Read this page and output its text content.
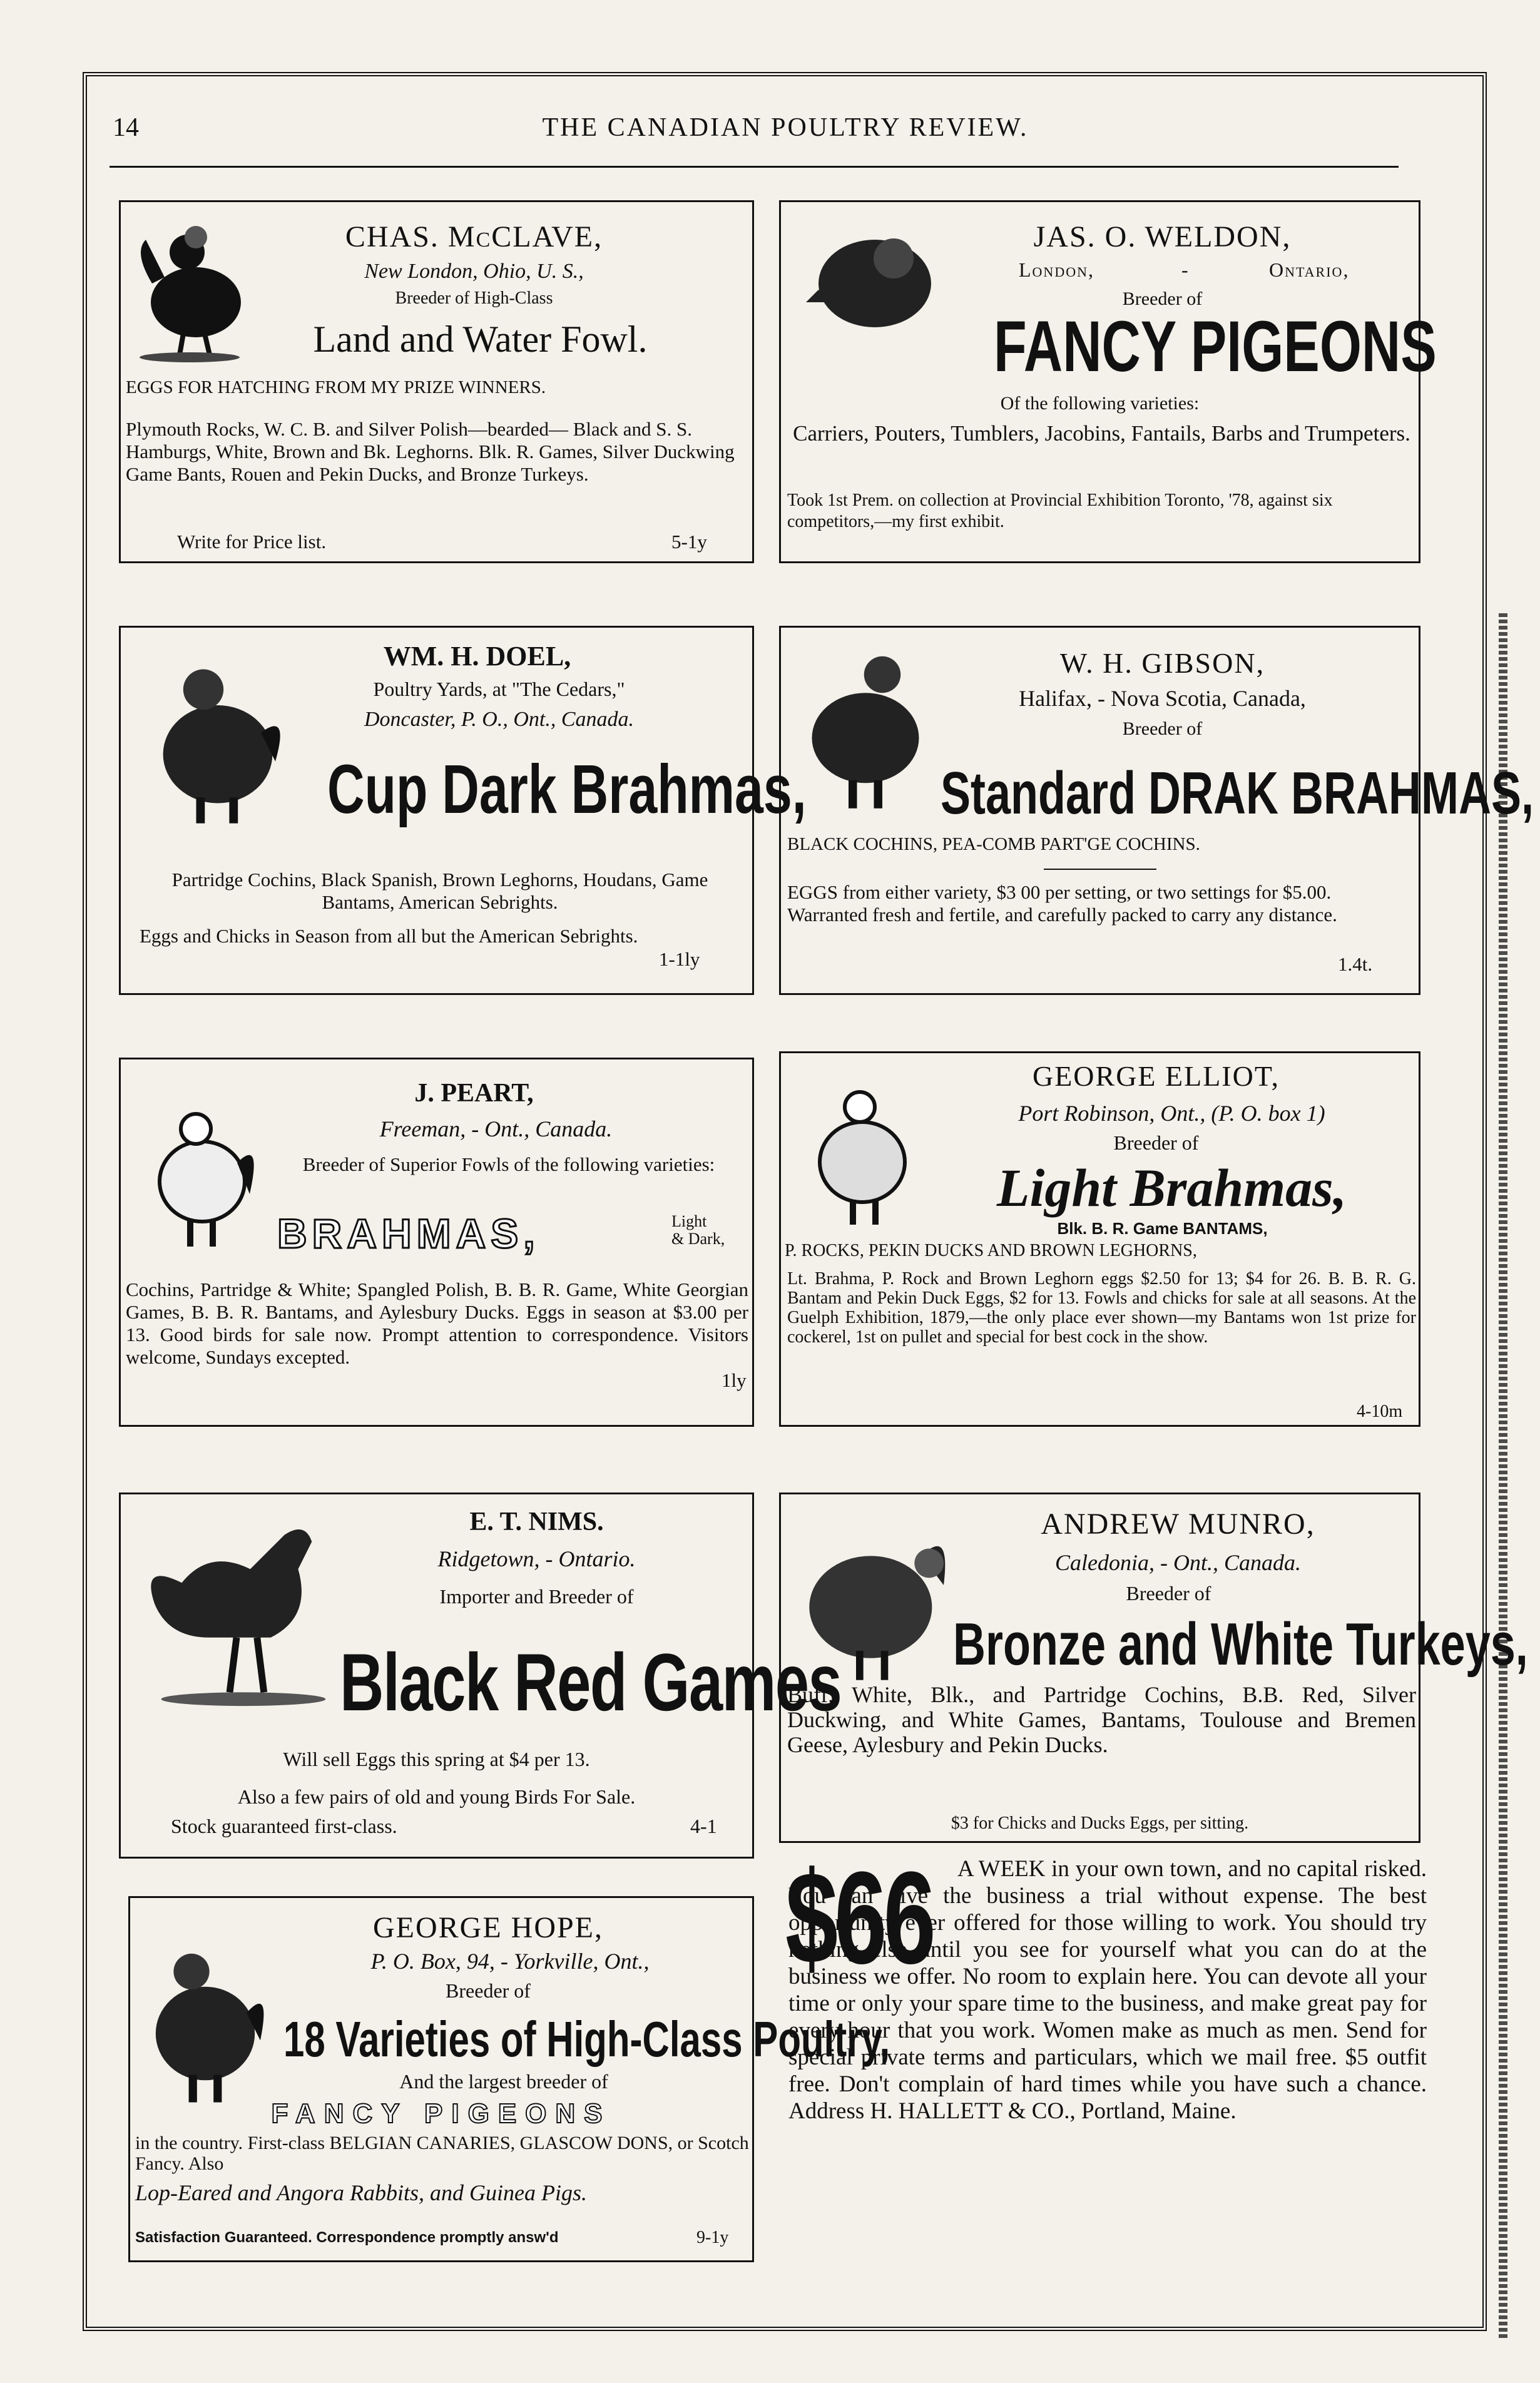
14	THE CANADIAN POULTRY REVIEW.
CHAS. McCLAVE,
New London, Ohio, U. S.,
Breeder of High-Class
Land and Water Fowl.
EGGS FOR HATCHING FROM MY PRIZE WINNERS.
Plymouth Rocks, W. C. B. and Silver Polish—bearded— Black and S. S. Hamburgs, White, Brown and Bk. Leghorns. Blk. R. Games, Silver Duckwing Game Bants, Rouen and Pekin Ducks, and Bronze Turkeys.
Write for Price list.	5-1y
JAS. O. WELDON,
London,	-	Ontario,
Breeder of
FANCY PIGEONS
Of the following varieties:
Carriers, Pouters, Tumblers, Jacobins, Fantails, Barbs and Trumpeters.
Took 1st Prem. on collection at Provincial Exhibition Toronto, '78, against six competitors,—my first exhibit.
WM. H. DOEL,
Poultry Yards, at "The Cedars,"
Doncaster, P. O., Ont., Canada.
Cup Dark Brahmas,
Partridge Cochins, Black Spanish, Brown Leghorns, Houdans, Game Bantams, American Sebrights.
Eggs and Chicks in Season from all but the American Sebrights.
1-1ly
W. H. GIBSON,
Halifax, - Nova Scotia, Canada,
Breeder of
Standard DRAK BRAHMAS,
BLACK COCHINS, PEA-COMB PART'GE COCHINS.
EGGS from either variety, $3 00 per setting, or two settings for $5.00. Warranted fresh and fertile, and carefully packed to carry any distance.
1.4t.
J. PEART,
Freeman, - Ont., Canada.
Breeder of Superior Fowls of the following varieties:
BRAHMAS,	Light
& Dark,
Cochins, Partridge & White; Spangled Polish, B. B. R. Game, White Georgian Games, B. B. R. Bantams, and Aylesbury Ducks. Eggs in season at $3.00 per 13. Good birds for sale now. Prompt attention to correspondence. Visitors welcome, Sundays excepted.
1ly
GEORGE ELLIOT,
Port Robinson, Ont., (P. O. box 1)
Breeder of
Light Brahmas,
Blk. B. R. Game BANTAMS,
P. ROCKS, PEKIN DUCKS AND BROWN LEGHORNS,
Lt. Brahma, P. Rock and Brown Leghorn eggs $2.50 for 13; $4 for 26. B. B. R. G. Bantam and Pekin Duck Eggs, $2 for 13. Fowls and chicks for sale at all seasons. At the Guelph Exhibition, 1879,—the only place ever shown—my Bantams won 1st prize for cockerel, 1st on pullet and special for best cock in the show.
4-10m
E. T. NIMS.
Ridgetown, - Ontario.
Importer and Breeder of
Black Red Games
Will sell Eggs this spring at $4 per 13.
Also a few pairs of old and young Birds For Sale.
Stock guaranteed first-class.	4-1
ANDREW MUNRO,
Caledonia, - Ont., Canada.
Breeder of
Bronze and White Turkeys,
Buff, White, Blk., and Partridge Cochins, B.B. Red, Silver Duckwing, and White Games, Bantams, Toulouse and Bremen Geese, Aylesbury and Pekin Ducks.
$3 for Chicks and Ducks Eggs, per sitting.
GEORGE HOPE,
P. O. Box, 94, - Yorkville, Ont.,
Breeder of
18 Varieties of High-Class Poultry,
And the largest breeder of
FANCY PIGEONS
in the country. First-class BELGIAN CANARIES, GLASCOW DONS, or Scotch Fancy. Also
Lop-Eared and Angora Rabbits, and Guinea Pigs.
Satisfaction Guaranteed. Correspondence promptly answ'd	9-1y
$66	A WEEK in your own town, and no capital risked. You can give the business a trial without expense. The best opportunity ever offered for those willing to work. You should try nothing else until you see for yourself what you can do at the business we offer. No room to explain here. You can devote all your time or only your spare time to the business, and make great pay for every hour that you work. Women make as much as men. Send for special private terms and particulars, which we mail free. $5 outfit free. Don't complain of hard times while you have such a chance. Address H. HALLETT & CO., Portland, Maine.
